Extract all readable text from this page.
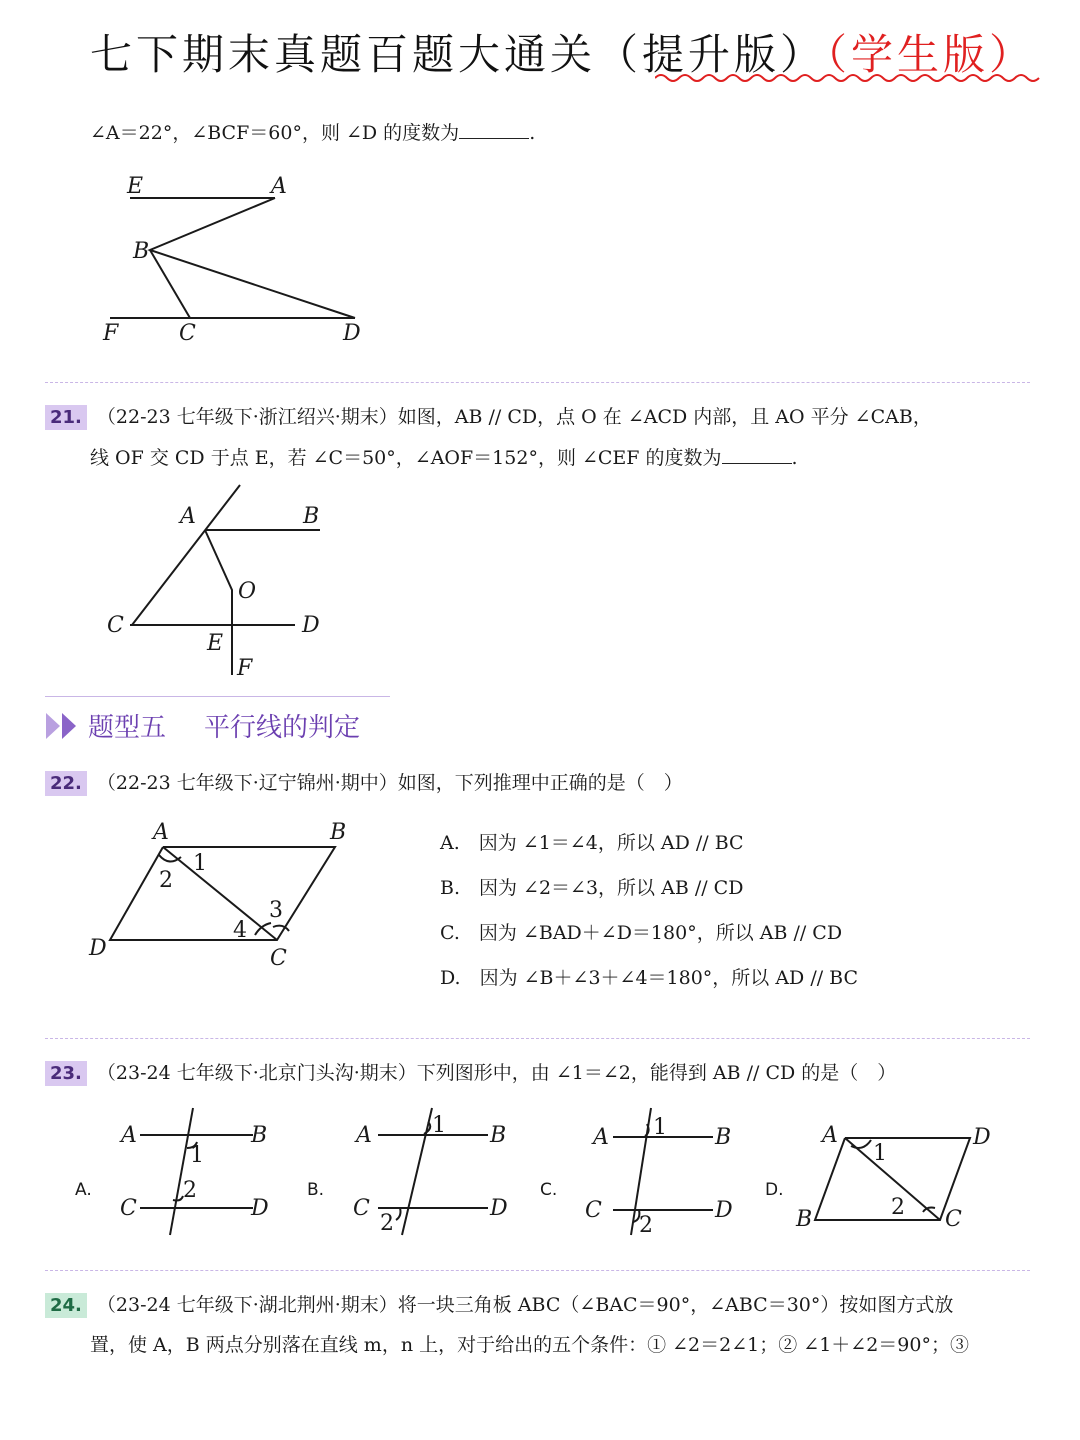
七下期末真题百题大通关（提升版）（学生版）
∠A＝22°，∠BCF＝60°，则 ∠D 的度数为	.
E	A
B
F	C	D
21. （22-23 七年级下·浙江绍兴·期末）如图，AB // CD，点 O 在 ∠ACD 内部，且 AO 平分 ∠CAB，
线 OF 交 CD 于点 E，若 ∠C＝50°，∠AOF＝152°，则 ∠CEF 的度数为	.
A	B
O
C	D
E
F
题型五 平行线的判定
22. （22-23 七年级下·辽宁锦州·期中）如图，下列推理中正确的是（　）
A	B
C
D
1
2
3
4
A.　因为 ∠1＝∠4，所以 AD // BC
B.　因为 ∠2＝∠3，所以 AB // CD
C.　因为 ∠BAD＋∠D＝180°，所以 AB // CD
D.　因为 ∠B＋∠3＋∠4＝180°，所以 AD // BC
23. （23-24 七年级下·北京门头沟·期末）下列图形中，由 ∠1＝∠2，能得到 AB // CD 的是（　）
A.
A	B
C	D
1
2	B.
A	B
C	D
1
2
C.
A	B
C	D
1
2
D.
A	D
B	C
1
2
24. （23-24 七年级下·湖北荆州·期末）将一块三角板 ABC（∠BAC＝90°，∠ABC＝30°）按如图方式放
置，使 A，B 两点分别落在直线 m，n 上，对于给出的五个条件：① ∠2＝2∠1；② ∠1＋∠2＝90°；③
